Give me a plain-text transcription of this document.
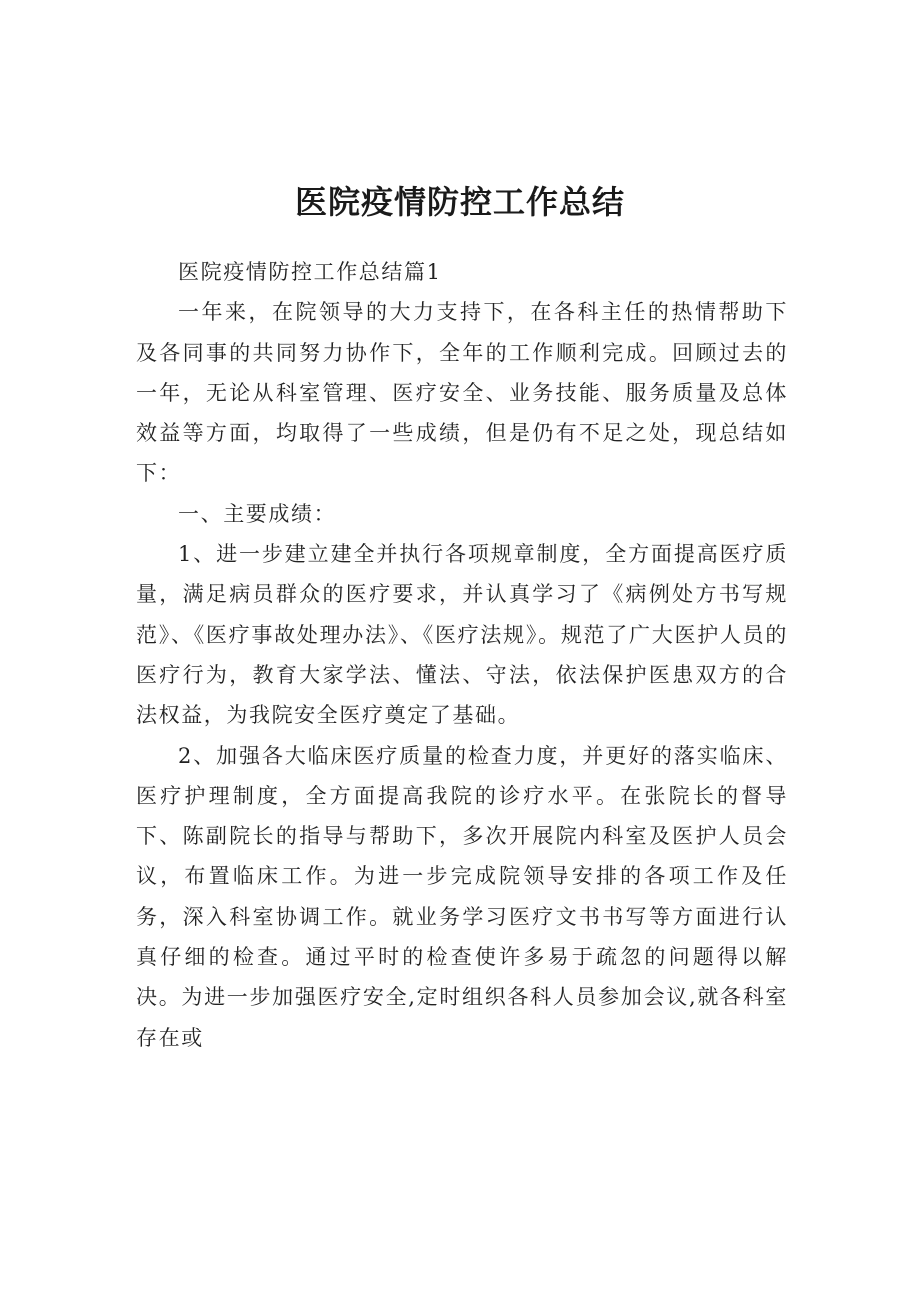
医院疫情防控工作总结

医院疫情防控工作总结篇1

一年来，在院领导的大力支持下，在各科主任的热情帮助下及各同事的共同努力协作下，全年的工作顺利完成。回顾过去的一年，无论从科室管理、医疗安全、业务技能、服务质量及总体效益等方面，均取得了一些成绩，但是仍有不足之处，现总结如下：

一、主要成绩：

1、进一步建立建全并执行各项规章制度，全方面提高医疗质量，满足病员群众的医疗要求，并认真学习了《病例处方书写规范》、《医疗事故处理办法》、《医疗法规》。规范了广大医护人员的医疗行为，教育大家学法、懂法、守法，依法保护医患双方的合法权益，为我院安全医疗奠定了基础。

2、加强各大临床医疗质量的检查力度，并更好的落实临床、医疗护理制度，全方面提高我院的诊疗水平。在张院长的督导下、陈副院长的指导与帮助下，多次开展院内科室及医护人员会议，布置临床工作。为进一步完成院领导安排的各项工作及任务，深入科室协调工作。就业务学习医疗文书书写等方面进行认真仔细的检查。通过平时的检查使许多易于疏忽的问题得以解决。为进一步加强医疗安全,定时组织各科人员参加会议,就各科室存在或
